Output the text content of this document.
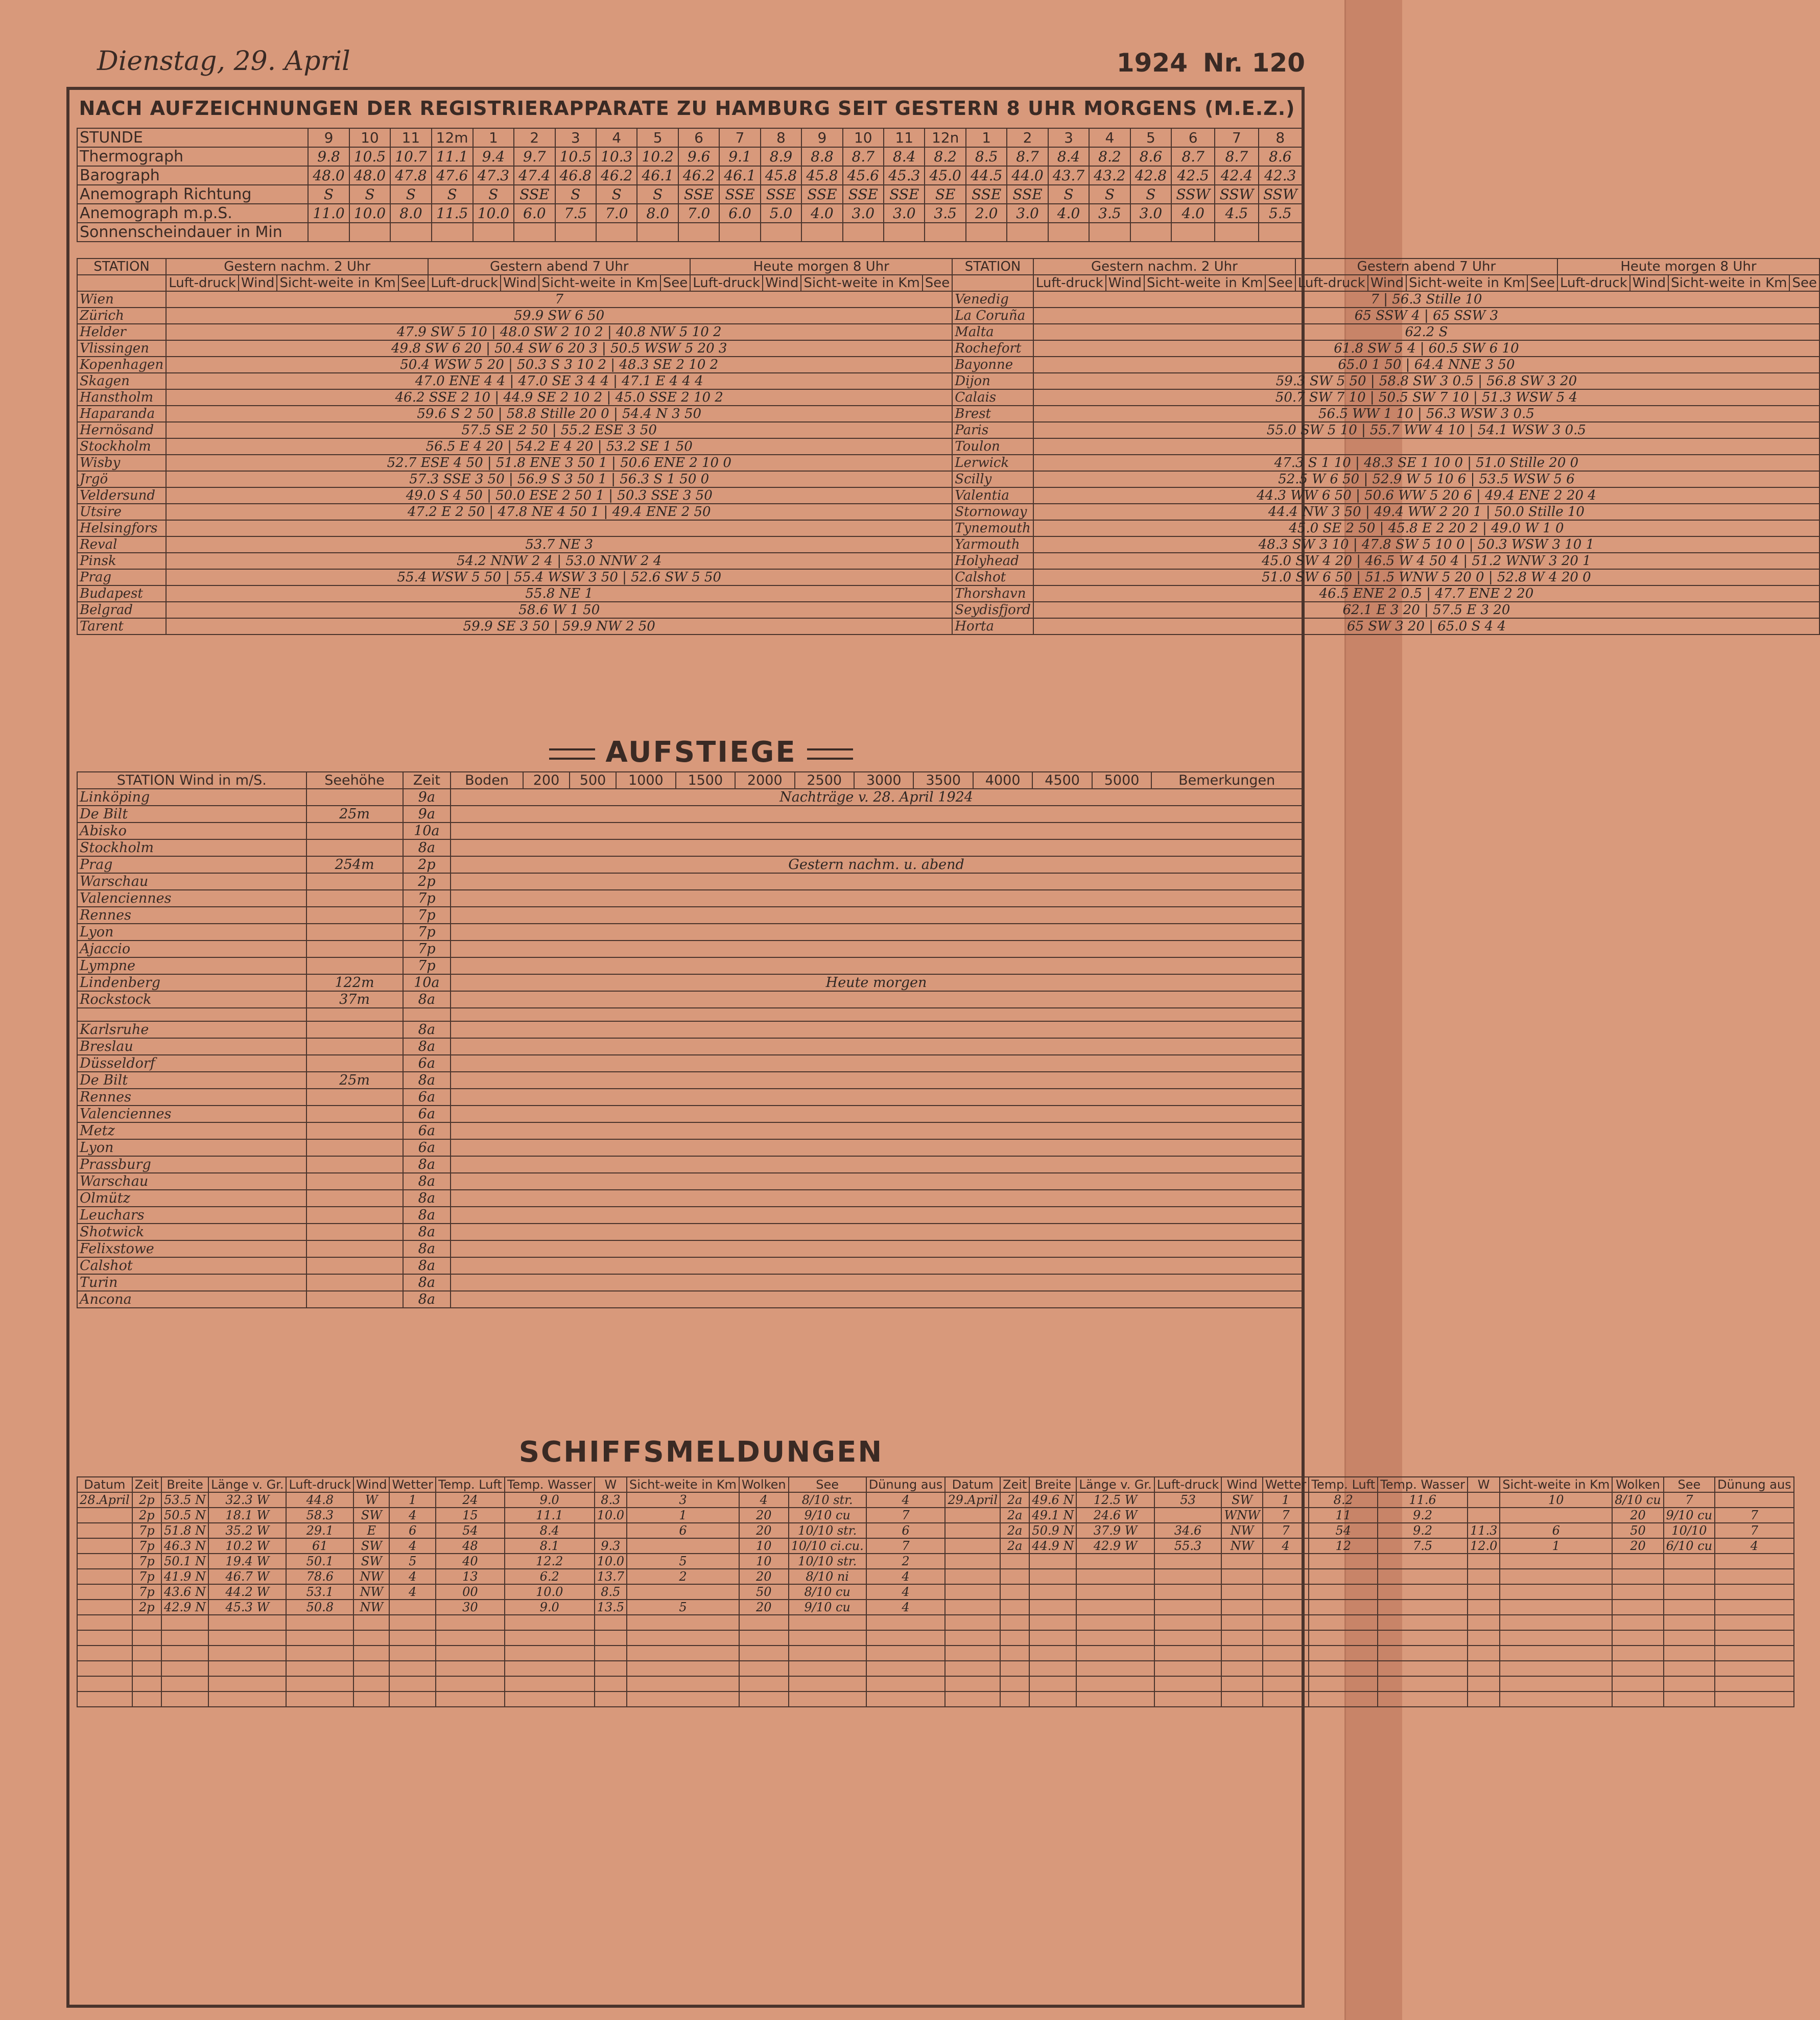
Dienstag, 29. April	1924 Nr. 120
NACH AUFZEICHNUNGEN DER REGISTRIERAPPARATE ZU HAMBURG SEIT GESTERN 8 UHR MORGENS (M.E.Z.)
STUNDE	9	10	11	12m	1	2	3	4	5	6	7	8	9	10	11	12n	1	2	3	4	5	6	7	8
Thermograph	9.8	10.5	10.7	11.1	9.4	9.7	10.5	10.3	10.2	9.6	9.1	8.9	8.8	8.7	8.4	8.2	8.5	8.7	8.4	8.2	8.6	8.7	8.7	8.6
Barograph	48.0	48.0	47.8	47.6	47.3	47.4	46.8	46.2	46.1	46.2	46.1	45.8	45.8	45.6	45.3	45.0	44.5	44.0	43.7	43.2	42.8	42.5	42.4	42.3
Anemograph Richtung	S	S	S	S	S	SSE	S	S	S	SSE	SSE	SSE	SSE	SSE	SSE	SE	SSE	SSE	S	S	S	SSW	SSW	SSW
Anemograph m.p.S.	11.0	10.0	8.0	11.5	10.0	6.0	7.5	7.0	8.0	7.0	6.0	5.0	4.0	3.0	3.0	3.5	2.0	3.0	4.0	3.5	3.0	4.0	4.5	5.5
Sonnenscheindauer in Min																								
STATION	Gestern nachm. 2 Uhr				Gestern abend 7 Uhr				Heute morgen 8 Uhr				STATION	Gestern nachm. 2 Uhr				Gestern abend 7 Uhr				Heute morgen 8 Uhr			
	Luft-druck	Wind	Sicht-weite in Km	See	Luft-druck	Wind	Sicht-weite in Km	See	Luft-druck	Wind	Sicht-weite in Km	See		Luft-druck	Wind	Sicht-weite in Km	See	Luft-druck	Wind	Sicht-weite in Km	See	Luft-druck	Wind	Sicht-weite in Km	See
Wien	7												Venedig	7 | 56.3 Stille 10											
Zürich	59.9 SW 6 50												La Coruña	65 SSW 4 | 65 SSW 3											
Helder	47.9 SW 5 10 | 48.0 SW 2 10 2 | 40.8 NW 5 10 2												Malta	62.2 S											
Vlissingen	49.8 SW 6 20 | 50.4 SW 6 20 3 | 50.5 WSW 5 20 3												Rochefort	61.8 SW 5 4 | 60.5 SW 6 10											
Kopenhagen	50.4 WSW 5 20 | 50.3 S 3 10 2 | 48.3 SE 2 10 2												Bayonne	65.0 1 50 | 64.4 NNE 3 50											
Skagen	47.0 ENE 4 4 | 47.0 SE 3 4 4 | 47.1 E 4 4 4												Dijon	59.3 SW 5 50 | 58.8 SW 3 0.5 | 56.8 SW 3 20											
Hanstholm	46.2 SSE 2 10 | 44.9 SE 2 10 2 | 45.0 SSE 2 10 2												Calais	50.7 SW 7 10 | 50.5 SW 7 10 | 51.3 WSW 5 4											
Haparanda	59.6 S 2 50 | 58.8 Stille 20 0 | 54.4 N 3 50												Brest	56.5 WW 1 10 | 56.3 WSW 3 0.5											
Hernösand	57.5 SE 2 50 | 55.2 ESE 3 50												Paris	55.0 SW 5 10 | 55.7 WW 4 10 | 54.1 WSW 3 0.5											
Stockholm	56.5 E 4 20 | 54.2 E 4 20 | 53.2 SE 1 50												Toulon												
Wisby	52.7 ESE 4 50 | 51.8 ENE 3 50 1 | 50.6 ENE 2 10 0												Lerwick	47.3 S 1 10 | 48.3 SE 1 10 0 | 51.0 Stille 20 0											
Jrgö	57.3 SSE 3 50 | 56.9 S 3 50 1 | 56.3 S 1 50 0												Scilly	52.5 W 6 50 | 52.9 W 5 10 6 | 53.5 WSW 5 6											
Veldersund	49.0 S 4 50 | 50.0 ESE 2 50 1 | 50.3 SSE 3 50												Valentia	44.3 WW 6 50 | 50.6 WW 5 20 6 | 49.4 ENE 2 20 4											
Utsire	47.2 E 2 50 | 47.8 NE 4 50 1 | 49.4 ENE 2 50												Stornoway	44.4 NW 3 50 | 49.4 WW 2 20 1 | 50.0 Stille 10											
Helsingfors													Tynemouth	45.0 SE 2 50 | 45.8 E 2 20 2 | 49.0 W 1 0											
Reval	53.7 NE 3												Yarmouth	48.3 SW 3 10 | 47.8 SW 5 10 0 | 50.3 WSW 3 10 1											
Pinsk	54.2 NNW 2 4 | 53.0 NNW 2 4												Holyhead	45.0 SW 4 20 | 46.5 W 4 50 4 | 51.2 WNW 3 20 1											
Prag	55.4 WSW 5 50 | 55.4 WSW 3 50 | 52.6 SW 5 50												Calshot	51.0 SW 6 50 | 51.5 WNW 5 20 0 | 52.8 W 4 20 0											
Budapest	55.8 NE 1												Thorshavn	46.5 ENE 2 0.5 | 47.7 ENE 2 20											
Belgrad	58.6 W 1 50												Seydisfjord	62.1 E 3 20 | 57.5 E 3 20											
Tarent	59.9 SE 3 50 | 59.9 NW 2 50												Horta	65 SW 3 20 | 65.0 S 4 4											
AUFSTIEGE
STATION Wind in m/S.	Seehöhe	Zeit	Boden	200	500	1000	1500	2000	2500	3000	3500	4000	4500	5000	Bemerkungen
Linköping		9a	Nachträge v. 28. April 1924												
De Bilt	25m	9a													
Abisko		10a													
Stockholm		8a													
Prag	254m	2p	Gestern nachm. u. abend												
Warschau		2p													
Valenciennes		7p													
Rennes		7p													
Lyon		7p													
Ajaccio		7p													
Lympne		7p													
Lindenberg	122m	10a	Heute morgen												
Rockstock	37m	8a													

Karlsruhe		8a													
Breslau		8a													
Düsseldorf		6a													
De Bilt	25m	8a													
Rennes		6a													
Valenciennes		6a													
Metz		6a													
Lyon		6a													
Prassburg		8a													
Warschau		8a													
Olmütz		8a													
Leuchars		8a													
Shotwick		8a													
Felixstowe		8a													
Calshot		8a													
Turin		8a													
Ancona		8a													
SCHIFFSMELDUNGEN
Datum	Zeit	Breite	Länge v. Gr.	Luft-druck	Wind	Wetter	Temp. Luft	Temp. Wasser	W	Sicht-weite in Km	Wolken	See	Dünung aus	Datum	Zeit	Breite	Länge v. Gr.	Luft-druck	Wind	Wetter	Temp. Luft	Temp. Wasser	W	Sicht-weite in Km	Wolken	See	Dünung aus
28.April	2p	53.5 N	32.3 W	44.8	W	1	24	9.0	8.3	3	4	8/10 str.	4	29.April	2a	49.6 N	12.5 W	53	SW	1	8.2	11.6		10	8/10 cu	7	
	2p	50.5 N	18.1 W	58.3	SW	4	15	11.1	10.0	1	20	9/10 cu	7		2a	49.1 N	24.6 W		WNW	7	11	9.2			20	9/10 cu	7
	7p	51.8 N	35.2 W	29.1	E	6	54	8.4		6	20	10/10 str.	6		2a	50.9 N	37.9 W	34.6	NW	7	54	9.2	11.3	6	50	10/10	7
	7p	46.3 N	10.2 W	61	SW	4	48	8.1	9.3		10	10/10 ci.cu.	7		2a	44.9 N	42.9 W	55.3	NW	4	12	7.5	12.0	1	20	6/10 cu	4
	7p	50.1 N	19.4 W	50.1	SW	5	40	12.2	10.0	5	10	10/10 str.	2														
	7p	41.9 N	46.7 W	78.6	NW	4	13	6.2	13.7	2	20	8/10 ni	4														
	7p	43.6 N	44.2 W	53.1	NW	4	00	10.0	8.5		50	8/10 cu	4														
	2p	42.9 N	45.3 W	50.8	NW		30	9.0	13.5	5	20	9/10 cu	4														
